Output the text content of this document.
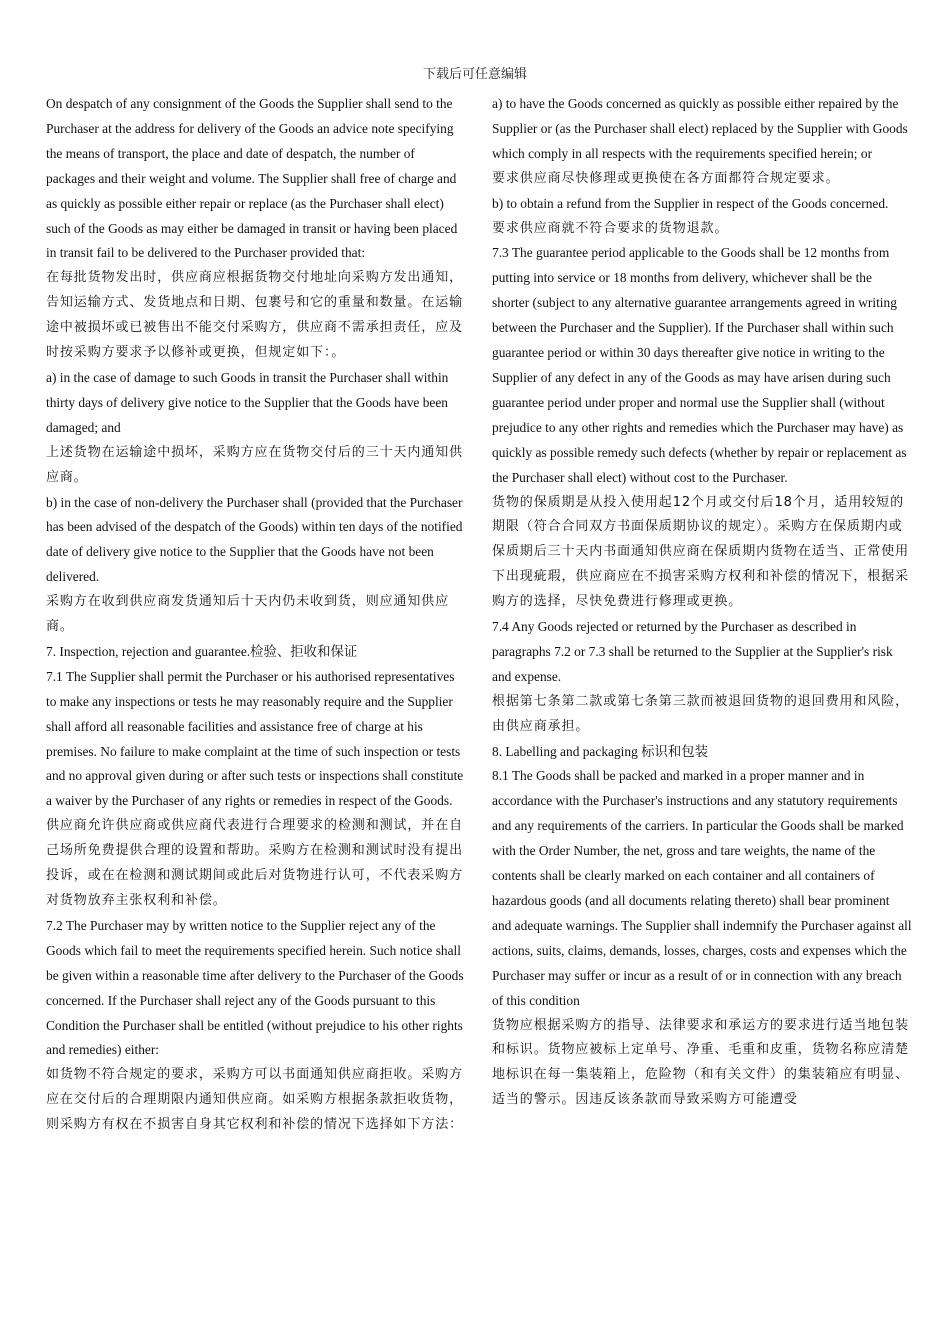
下载后可任意编辑

On despatch of any consignment of the Goods the Supplier shall send to the Purchaser at the address for delivery of the Goods an advice note specifying the means of transport, the place and date of despatch, the number of packages and their weight and volume. The Supplier shall free of charge and as quickly as possible either repair or replace (as the Purchaser shall elect) such of the Goods as may either be damaged in transit or having been placed in transit fail to be delivered to the Purchaser provided that:

在每批货物发出时，供应商应根据货物交付地址向采购方发出通知，告知运输方式、发货地点和日期、包裹号和它的重量和数量。在运输途中被损坏或已被售出不能交付采购方，供应商不需承担责任，应及时按采购方要求予以修补或更换，但规定如下：。

a) in the case of damage to such Goods in transit the Purchaser shall within thirty days of delivery give notice to the Supplier that the Goods have been damaged; and

上述货物在运输途中损坏，采购方应在货物交付后的三十天内通知供应商。

b) in the case of non-delivery the Purchaser shall (provided that the Purchaser has been advised of the despatch of the Goods) within ten days of the notified date of delivery give notice to the Supplier that the Goods have not been delivered.

采购方在收到供应商发货通知后十天内仍未收到货，则应通知供应商。

7. Inspection, rejection and guarantee.检验、拒收和保证

7.1 The Supplier shall permit the Purchaser or his authorised representatives to make any inspections or tests he may reasonably require and the Supplier shall afford all reasonable facilities and assistance free of charge at his premises. No failure to make complaint at the time of such inspection or tests and no approval given during or after such tests or inspections shall constitute a waiver by the Purchaser of any rights or remedies in respect of the Goods.

供应商允许供应商或供应商代表进行合理要求的检测和测试，并在自己场所免费提供合理的设置和帮助。采购方在检测和测试时没有提出投诉，或在在检测和测试期间或此后对货物进行认可，不代表采购方对货物放弃主张权利和补偿。

7.2 The Purchaser may by written notice to the Supplier reject any of the Goods which fail to meet the requirements specified herein. Such notice shall be given within a reasonable time after delivery to the Purchaser of the Goods concerned. If the Purchaser shall reject any of the Goods pursuant to this Condition the Purchaser shall be entitled (without prejudice to his other rights and remedies) either:

如货物不符合规定的要求，采购方可以书面通知供应商拒收。采购方应在交付后的合理期限内通知供应商。如采购方根据条款拒收货物，则采购方有权在不损害自身其它权利和补偿的情况下选择如下方法：

a) to have the Goods concerned as quickly as possible either repaired by the Supplier or (as the Purchaser shall elect) replaced by the Supplier with Goods which comply in all respects with the requirements specified herein; or

要求供应商尽快修理或更换使在各方面都符合规定要求。

b) to obtain a refund from the Supplier in respect of the Goods concerned.

要求供应商就不符合要求的货物退款。

7.3 The guarantee period applicable to the Goods shall be 12 months from putting into service or 18 months from delivery, whichever shall be the shorter (subject to any alternative guarantee arrangements agreed in writing between the Purchaser and the Supplier). If the Purchaser shall within such guarantee period or within 30 days thereafter give notice in writing to the Supplier of any defect in any of the Goods as may have arisen during such guarantee period under proper and normal use the Supplier shall (without prejudice to any other rights and remedies which the Purchaser may have) as quickly as possible remedy such defects (whether by repair or replacement as the Purchaser shall elect) without cost to the Purchaser.

货物的保质期是从投入使用起12个月或交付后18个月，适用较短的期限（符合合同双方书面保质期协议的规定）。采购方在保质期内或保质期后三十天内书面通知供应商在保质期内货物在适当、正常使用下出现疵瑕，供应商应在不损害采购方权利和补偿的情况下，根据采购方的选择，尽快免费进行修理或更换。

7.4 Any Goods rejected or returned by the Purchaser as described in paragraphs 7.2 or 7.3 shall be returned to the Supplier at the Supplier's risk and expense.

根据第七条第二款或第七条第三款而被退回货物的退回费用和风险，由供应商承担。

8. Labelling and packaging 标识和包装

8.1 The Goods shall be packed and marked in a proper manner and in accordance with the Purchaser's instructions and any statutory requirements and any requirements of the carriers. In particular the Goods shall be marked with the Order Number, the net, gross and tare weights, the name of the contents shall be clearly marked on each container and all containers of hazardous goods (and all documents relating thereto) shall bear prominent and adequate warnings. The Supplier shall indemnify the Purchaser against all actions, suits, claims, demands, losses, charges, costs and expenses which the Purchaser may suffer or incur as a result of or in connection with any breach of this condition

货物应根据采购方的指导、法律要求和承运方的要求进行适当地包装和标识。货物应被标上定单号、净重、毛重和皮重，货物名称应清楚地标识在每一集装箱上，危险物（和有关文件）的集装箱应有明显、适当的警示。因违反该条款而导致采购方可能遭受
